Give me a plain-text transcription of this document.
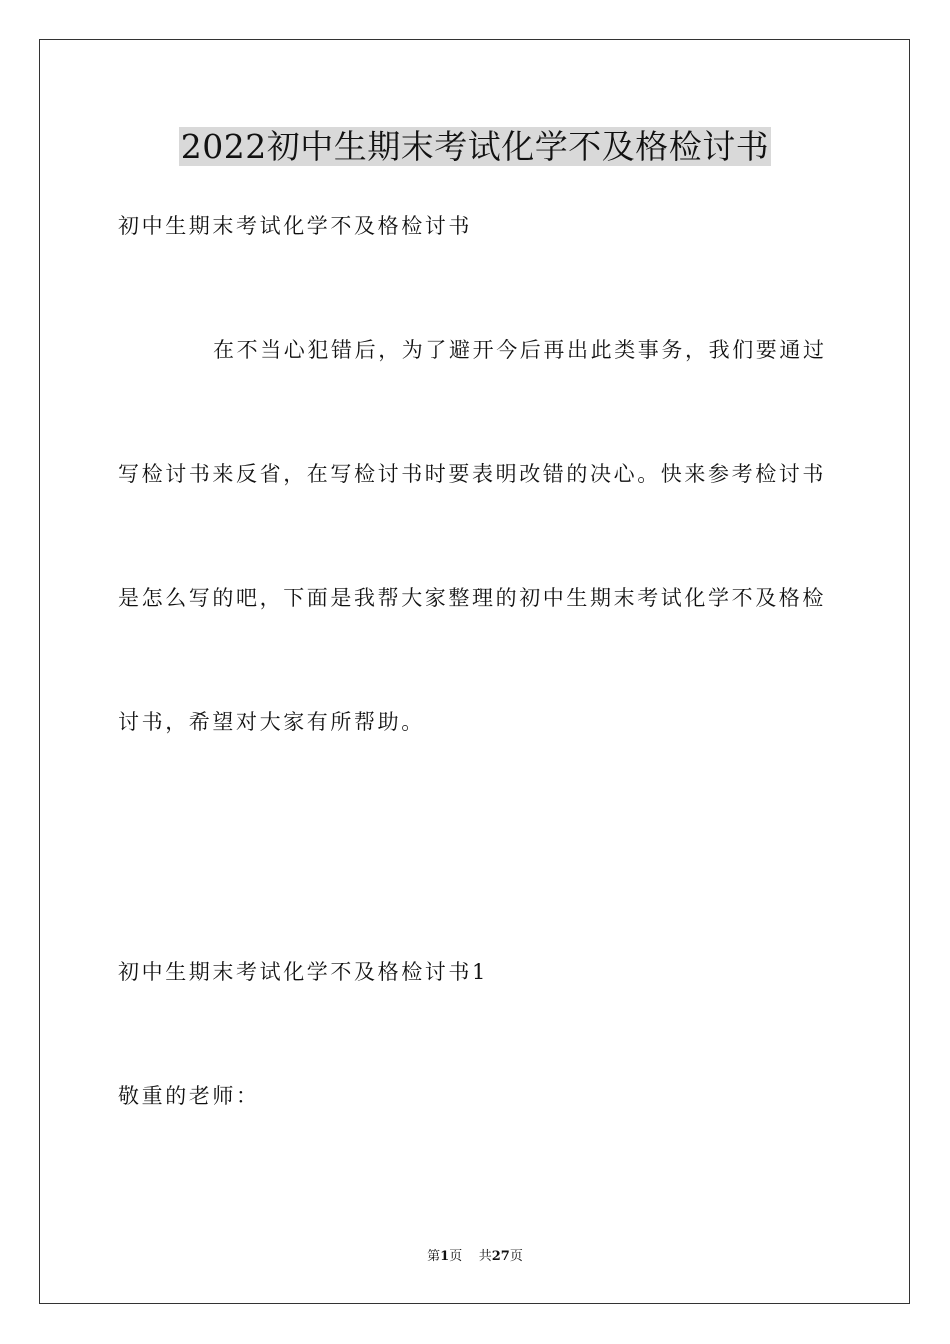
2022初中生期末考试化学不及格检讨书
初中生期末考试化学不及格检讨书
在不当心犯错后，为了避开今后再出此类事务，我们要通过
写检讨书来反省，在写检讨书时要表明改错的决心。快来参考检讨书
是怎么写的吧，下面是我帮大家整理的初中生期末考试化学不及格检
讨书，希望对大家有所帮助。
初中生期末考试化学不及格检讨书1
敬重的老师：
第1页 共27页
